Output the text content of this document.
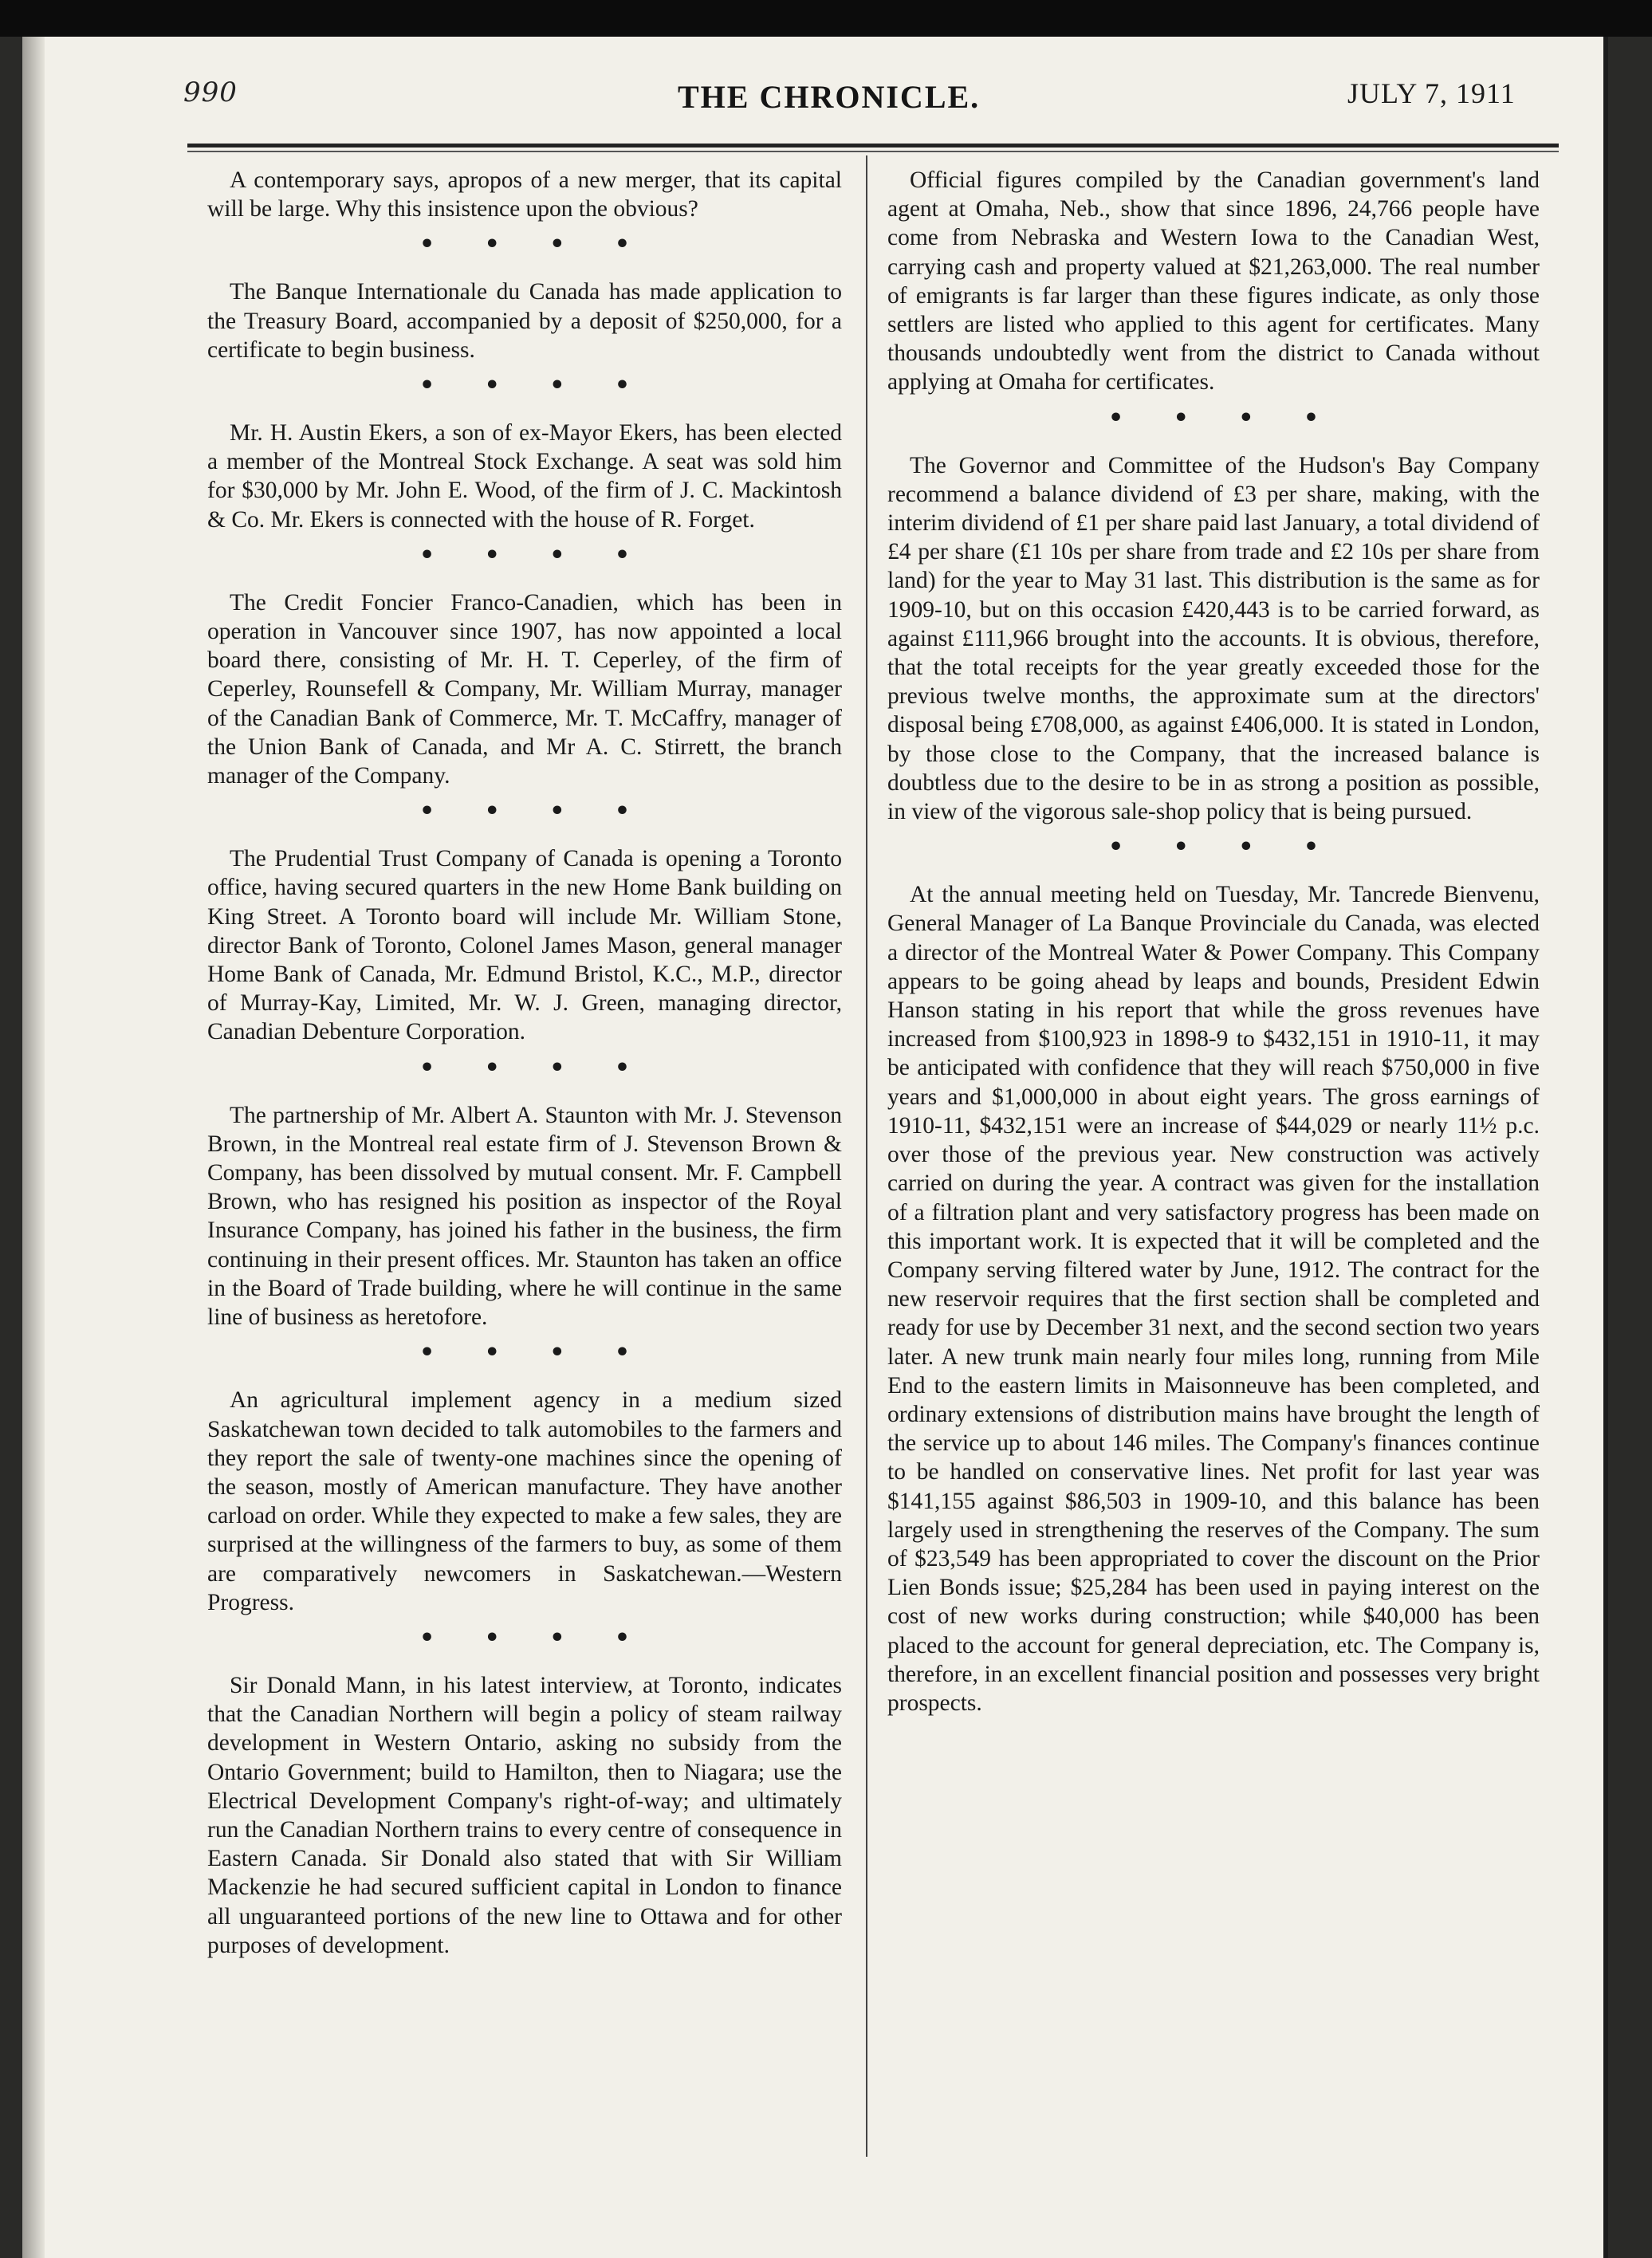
990	THE CHRONICLE.	JULY 7, 1911

A contemporary says, apropos of a new merger, that its capital will be large. Why this insistence upon the obvious?

• • • •

The Banque Internationale du Canada has made application to the Treasury Board, accompanied by a deposit of $250,000, for a certificate to begin business.

• • • •

Mr. H. Austin Ekers, a son of ex-Mayor Ekers, has been elected a member of the Montreal Stock Exchange. A seat was sold him for $30,000 by Mr. John E. Wood, of the firm of J. C. Mackintosh & Co. Mr. Ekers is connected with the house of R. Forget.

• • • •

The Credit Foncier Franco-Canadien, which has been in operation in Vancouver since 1907, has now appointed a local board there, consisting of Mr. H. T. Ceperley, of the firm of Ceperley, Rounsefell & Company, Mr. William Murray, manager of the Canadian Bank of Commerce, Mr. T. McCaffry, manager of the Union Bank of Canada, and Mr A. C. Stirrett, the branch manager of the Company.

• • • •

The Prudential Trust Company of Canada is opening a Toronto office, having secured quarters in the new Home Bank building on King Street. A Toronto board will include Mr. William Stone, director Bank of Toronto, Colonel James Mason, general manager Home Bank of Canada, Mr. Edmund Bristol, K.C., M.P., director of Murray-Kay, Limited, Mr. W. J. Green, managing director, Canadian Debenture Corporation.

• • • •

The partnership of Mr. Albert A. Staunton with Mr. J. Stevenson Brown, in the Montreal real estate firm of J. Stevenson Brown & Company, has been dissolved by mutual consent. Mr. F. Campbell Brown, who has resigned his position as inspector of the Royal Insurance Company, has joined his father in the business, the firm continuing in their present offices. Mr. Staunton has taken an office in the Board of Trade building, where he will continue in the same line of business as heretofore.

• • • •

An agricultural implement agency in a medium sized Saskatchewan town decided to talk automobiles to the farmers and they report the sale of twenty-one machines since the opening of the season, mostly of American manufacture. They have another carload on order. While they expected to make a few sales, they are surprised at the willingness of the farmers to buy, as some of them are comparatively newcomers in Saskatchewan.—Western Progress.

• • • •

Sir Donald Mann, in his latest interview, at Toronto, indicates that the Canadian Northern will begin a policy of steam railway development in Western Ontario, asking no subsidy from the Ontario Government; build to Hamilton, then to Niagara; use the Electrical Development Company's right-of-way; and ultimately run the Canadian Northern trains to every centre of consequence in Eastern Canada. Sir Donald also stated that with Sir William Mackenzie he had secured sufficient capital in London to finance all unguaranteed portions of the new line to Ottawa and for other purposes of development.

Official figures compiled by the Canadian government's land agent at Omaha, Neb., show that since 1896, 24,766 people have come from Nebraska and Western Iowa to the Canadian West, carrying cash and property valued at $21,263,000. The real number of emigrants is far larger than these figures indicate, as only those settlers are listed who applied to this agent for certificates. Many thousands undoubtedly went from the district to Canada without applying at Omaha for certificates.

• • • •

The Governor and Committee of the Hudson's Bay Company recommend a balance dividend of £3 per share, making, with the interim dividend of £1 per share paid last January, a total dividend of £4 per share (£1 10s per share from trade and £2 10s per share from land) for the year to May 31 last. This distribution is the same as for 1909-10, but on this occasion £420,443 is to be carried forward, as against £111,966 brought into the accounts. It is obvious, therefore, that the total receipts for the year greatly exceeded those for the previous twelve months, the approximate sum at the directors' disposal being £708,000, as against £406,000. It is stated in London, by those close to the Company, that the increased balance is doubtless due to the desire to be in as strong a position as possible, in view of the vigorous sale-shop policy that is being pursued.

• • • •

At the annual meeting held on Tuesday, Mr. Tancrede Bienvenu, General Manager of La Banque Provinciale du Canada, was elected a director of the Montreal Water & Power Company. This Company appears to be going ahead by leaps and bounds, President Edwin Hanson stating in his report that while the gross revenues have increased from $100,923 in 1898-9 to $432,151 in 1910-11, it may be anticipated with confidence that they will reach $750,000 in five years and $1,000,000 in about eight years. The gross earnings of 1910-11, $432,151 were an increase of $44,029 or nearly 11½ p.c. over those of the previous year. New construction was actively carried on during the year. A contract was given for the installation of a filtration plant and very satisfactory progress has been made on this important work. It is expected that it will be completed and the Company serving filtered water by June, 1912. The contract for the new reservoir requires that the first section shall be completed and ready for use by December 31 next, and the second section two years later. A new trunk main nearly four miles long, running from Mile End to the eastern limits in Maisonneuve has been completed, and ordinary extensions of distribution mains have brought the length of the service up to about 146 miles. The Company's finances continue to be handled on conservative lines. Net profit for last year was $141,155 against $86,503 in 1909-10, and this balance has been largely used in strengthening the reserves of the Company. The sum of $23,549 has been appropriated to cover the discount on the Prior Lien Bonds issue; $25,284 has been used in paying interest on the cost of new works during construction; while $40,000 has been placed to the account for general depreciation, etc. The Company is, therefore, in an excellent financial position and possesses very bright prospects.
